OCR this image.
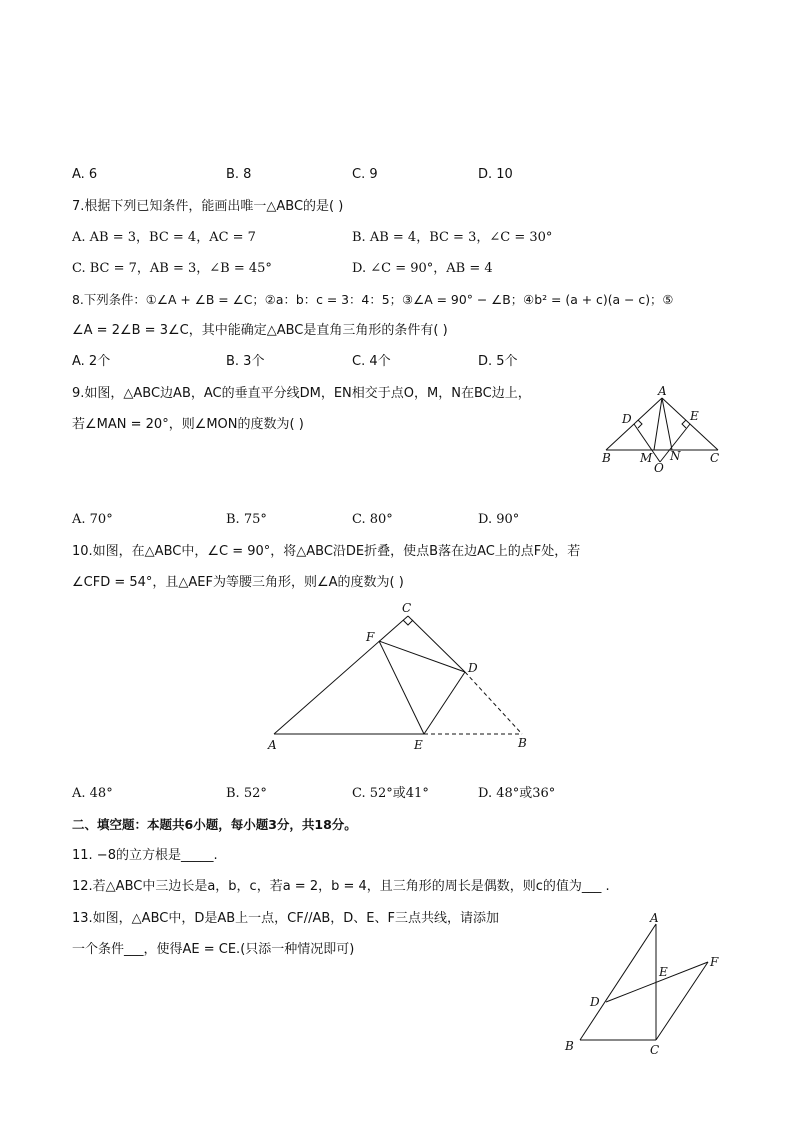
A. 6	B. 8	C. 9	D. 10
7.根据下列已知条件，能画出唯一△ABC的是( )
A. AB = 3，BC = 4，AC = 7	B. AB = 4，BC = 3，∠C = 30°
C. BC = 7，AB = 3，∠B = 45°	D. ∠C = 90°，AB = 4
8.下列条件：①∠A + ∠B = ∠C；②a：b：c = 3：4：5；③∠A = 90° − ∠B；④b² = (a + c)(a − c)；⑤
∠A = 2∠B = 3∠C，其中能确定△ABC是直角三角形的条件有( )
A. 2个	B. 3个	C. 4个	D. 5个
9.如图，△ABC边AB，AC的垂直平分线DM，EN相交于点O，M，N在BC边上，
若∠MAN = 20°，则∠MON的度数为( )
A
D	E
B M N C
O
A. 70°	B. 75°	C. 80°	D. 90°
10.如图，在△ABC中，∠C = 90°，将△ABC沿DE折叠，使点B落在边AC上的点F处，若
∠CFD = 54°，且△AEF为等腰三角形，则∠A的度数为( )
C
F
D
A	E	B
A. 48°	B. 52°	C. 52°或41°	D. 48°或36°
二、填空题：本题共6小题，每小题3分，共18分。
11. −8的立方根是_____.
12.若△ABC中三边长是a，b，c，若a = 2，b = 4，且三角形的周长是偶数，则c的值为___ .
13.如图，△ABC中，D是AB上一点，CF//AB，D、E、F三点共线，请添加
一个条件___，使得AE = CE.(只添一种情况即可)
A
F
E
D
B	C
